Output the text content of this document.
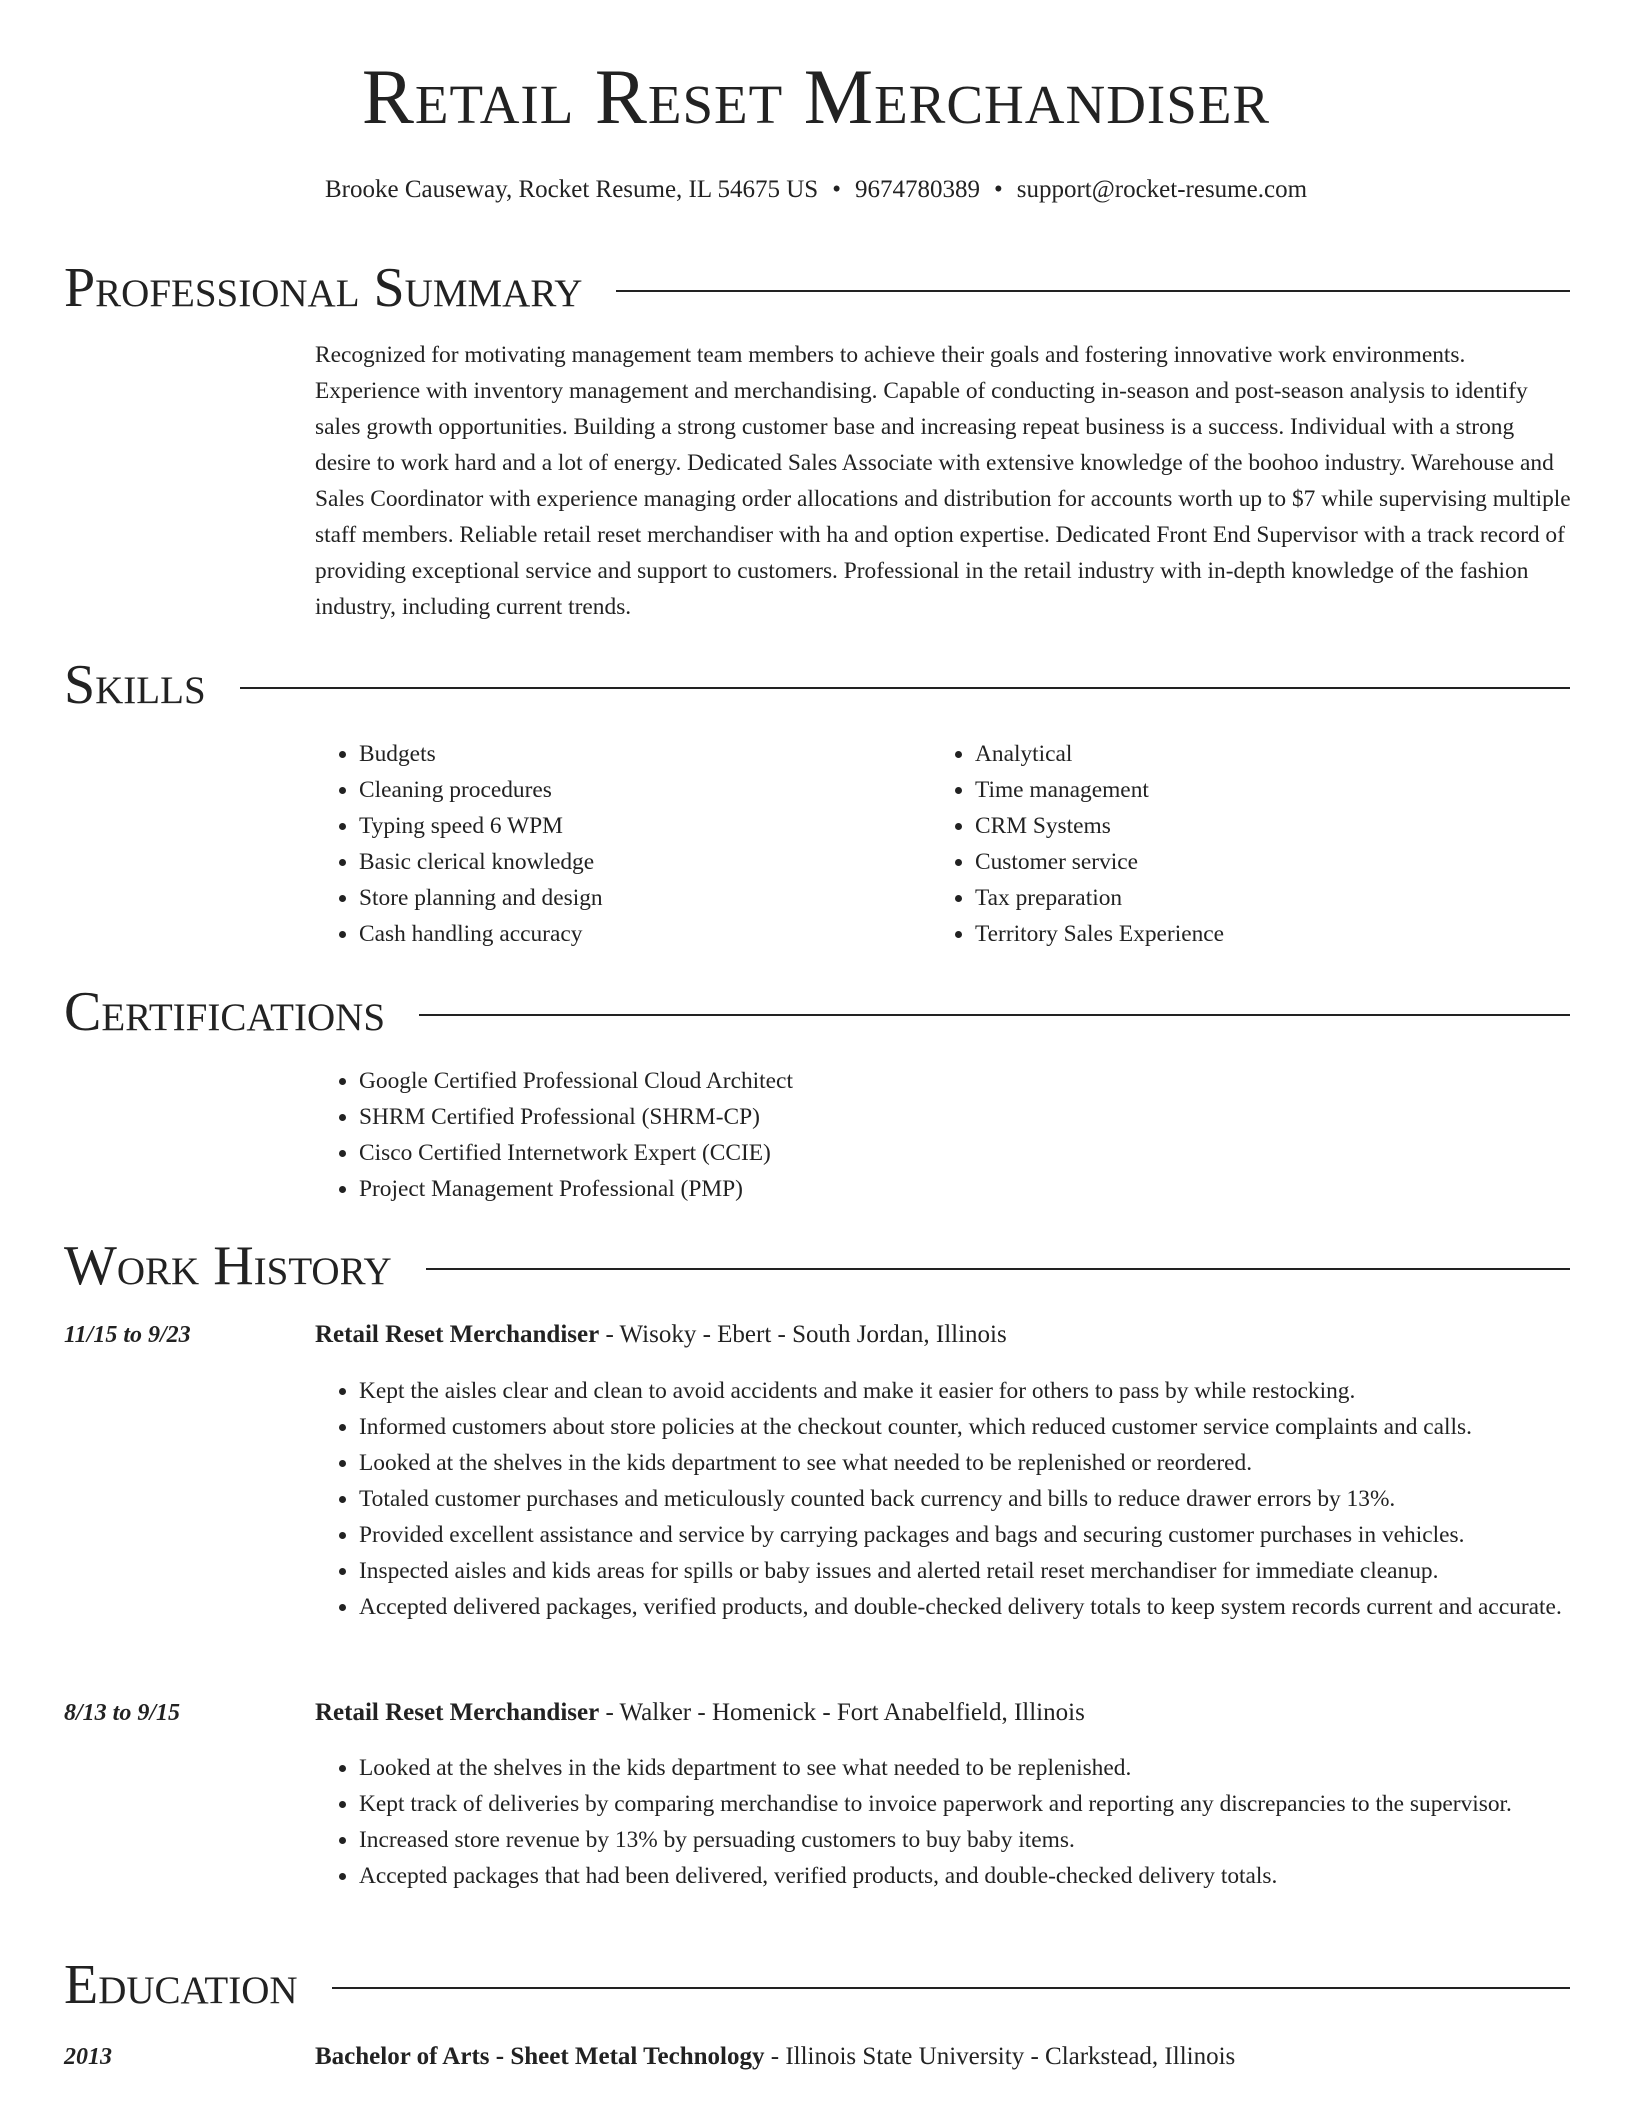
Retail Reset Merchandiser
Brooke Causeway, Rocket Resume, IL 54675 US • 9674780389 • support@rocket-resume.com
Professional Summary
Recognized for motivating management team members to achieve their goals and fostering innovative work environments. Experience with inventory management and merchandising. Capable of conducting in-season and post-season analysis to identify sales growth opportunities. Building a strong customer base and increasing repeat business is a success. Individual with a strong desire to work hard and a lot of energy. Dedicated Sales Associate with extensive knowledge of the boohoo industry. Warehouse and Sales Coordinator with experience managing order allocations and distribution for accounts worth up to $7 while supervising multiple staff members. Reliable retail reset merchandiser with ha and option expertise. Dedicated Front End Supervisor with a track record of providing exceptional service and support to customers. Professional in the retail industry with in-depth knowledge of the fashion industry, including current trends.
Skills
• Budgets
• Cleaning procedures
• Typing speed 6 WPM
• Basic clerical knowledge
• Store planning and design
• Cash handling accuracy
• Analytical
• Time management
• CRM Systems
• Customer service
• Tax preparation
• Territory Sales Experience
Certifications
• Google Certified Professional Cloud Architect
• SHRM Certified Professional (SHRM-CP)
• Cisco Certified Internetwork Expert (CCIE)
• Project Management Professional (PMP)
Work History
11/15 to 9/23	Retail Reset Merchandiser - Wisoky - Ebert - South Jordan, Illinois
• Kept the aisles clear and clean to avoid accidents and make it easier for others to pass by while restocking.
• Informed customers about store policies at the checkout counter, which reduced customer service complaints and calls.
• Looked at the shelves in the kids department to see what needed to be replenished or reordered.
• Totaled customer purchases and meticulously counted back currency and bills to reduce drawer errors by 13%.
• Provided excellent assistance and service by carrying packages and bags and securing customer purchases in vehicles.
• Inspected aisles and kids areas for spills or baby issues and alerted retail reset merchandiser for immediate cleanup.
• Accepted delivered packages, verified products, and double-checked delivery totals to keep system records current and accurate.
8/13 to 9/15	Retail Reset Merchandiser - Walker - Homenick - Fort Anabelfield, Illinois
• Looked at the shelves in the kids department to see what needed to be replenished.
• Kept track of deliveries by comparing merchandise to invoice paperwork and reporting any discrepancies to the supervisor.
• Increased store revenue by 13% by persuading customers to buy baby items.
• Accepted packages that had been delivered, verified products, and double-checked delivery totals.
Education
2013	Bachelor of Arts - Sheet Metal Technology - Illinois State University - Clarkstead, Illinois
